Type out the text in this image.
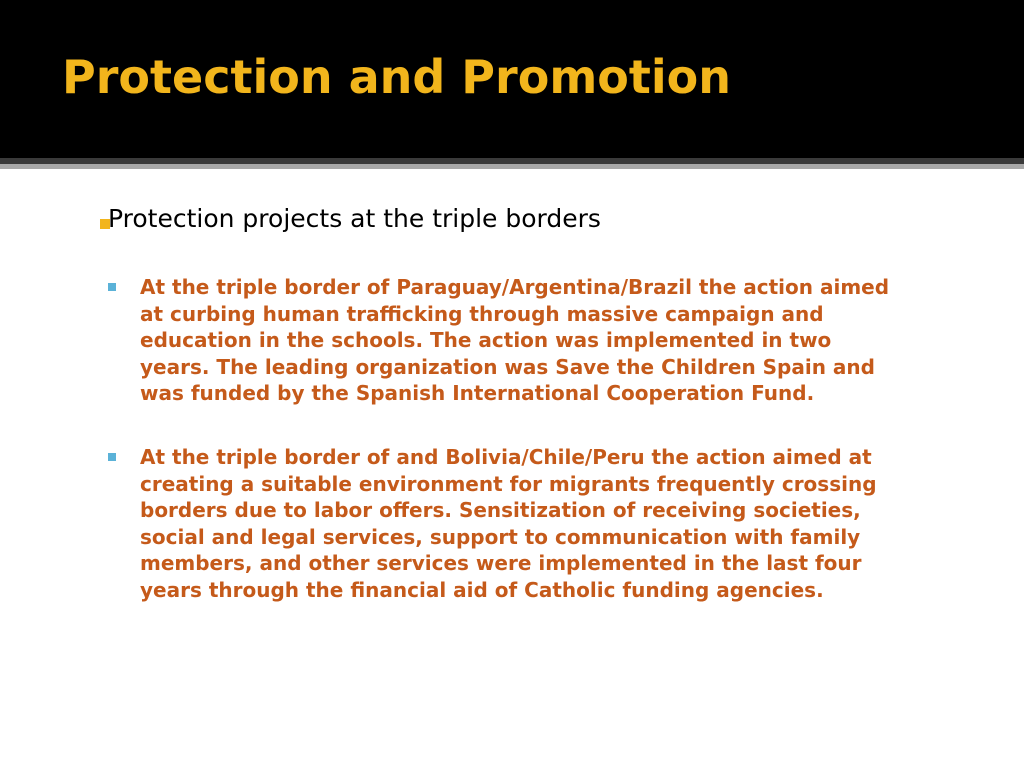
Protection and Promotion

Protection projects at the triple borders

At the triple border of Paraguay/Argentina/Brazil the action aimed
at curbing human trafficking through massive campaign and
education in the schools. The action was implemented in two
years. The leading organization was Save the Children Spain and
was funded by the Spanish International Cooperation Fund.

At the triple border of and Bolivia/Chile/Peru the action aimed at
creating a suitable environment for migrants frequently crossing
borders due to labor offers. Sensitization of receiving societies,
social and legal services, support to communication with family
members, and other services were implemented in the last four
years through the financial aid of Catholic funding agencies.
